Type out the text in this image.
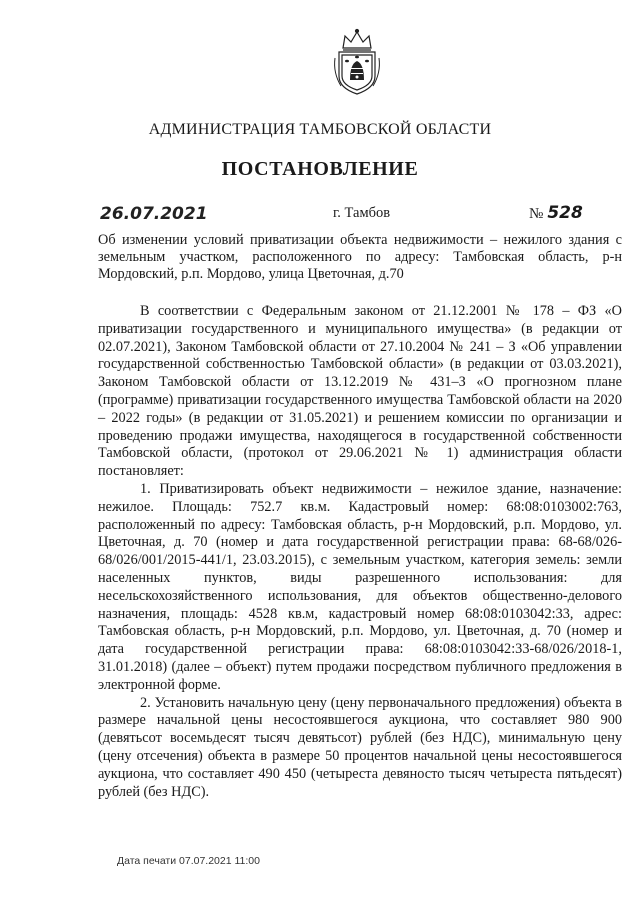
АДМИНИСТРАЦИЯ ТАМБОВСКОЙ ОБЛАСТИ
ПОСТАНОВЛЕНИЕ
26.07.2021	г. Тамбов	№ 528
Об изменении условий приватизации объекта недвижимости – нежилого здания с земельным участком, расположенного по адресу: Тамбовская область, р-н Мордовский, р.п. Мордово, улица Цветочная, д.70

В соответствии с Федеральным законом от 21.12.2001 № 178 – ФЗ «О приватизации государственного и муниципального имущества» (в редакции от 02.07.2021), Законом Тамбовской области от 27.10.2004 № 241 – З «Об управлении государственной собственностью Тамбовской области» (в редакции от 03.03.2021), Законом Тамбовской области от 13.12.2019 № 431–З «О прогнозном плане (программе) приватизации государственного имущества Тамбовской области на 2020 – 2022 годы» (в редакции от 31.05.2021) и решением комиссии по организации и проведению продажи имущества, находящегося в государственной собственности Тамбовской области, (протокол от 29.06.2021 № 1) администрация области постановляет:

1. Приватизировать объект недвижимости – нежилое здание, назначение: нежилое. Площадь: 752.7 кв.м. Кадастровый номер: 68:08:0103002:763, расположенный по адресу: Тамбовская область, р-н Мордовский, р.п. Мордово, ул. Цветочная, д. 70 (номер и дата государственной регистрации права: 68-68/026-68/026/001/2015-441/1, 23.03.2015), с земельным участком, категория земель: земли населенных пунктов, виды разрешенного использования: для несельскохозяйственного использования, для объектов общественно-делового назначения, площадь: 4528 кв.м, кадастровый номер 68:08:0103042:33, адрес: Тамбовская область, р-н Мордовский, р.п. Мордово, ул. Цветочная, д. 70 (номер и дата государственной регистрации права: 68:08:0103042:33-68/026/2018-1, 31.01.2018) (далее – объект) путем продажи посредством публичного предложения в электронной форме.

2. Установить начальную цену (цену первоначального предложения) объекта в размере начальной цены несостоявшегося аукциона, что составляет 980 900 (девятьсот восемьдесят тысяч девятьсот) рублей (без НДС), минимальную цену (цену отсечения) объекта в размере 50 процентов начальной цены несостоявшегося аукциона, что составляет 490 450 (четыреста девяносто тысяч четыреста пятьдесят) рублей (без НДС).

Дата печати 07.07.2021 11:00
